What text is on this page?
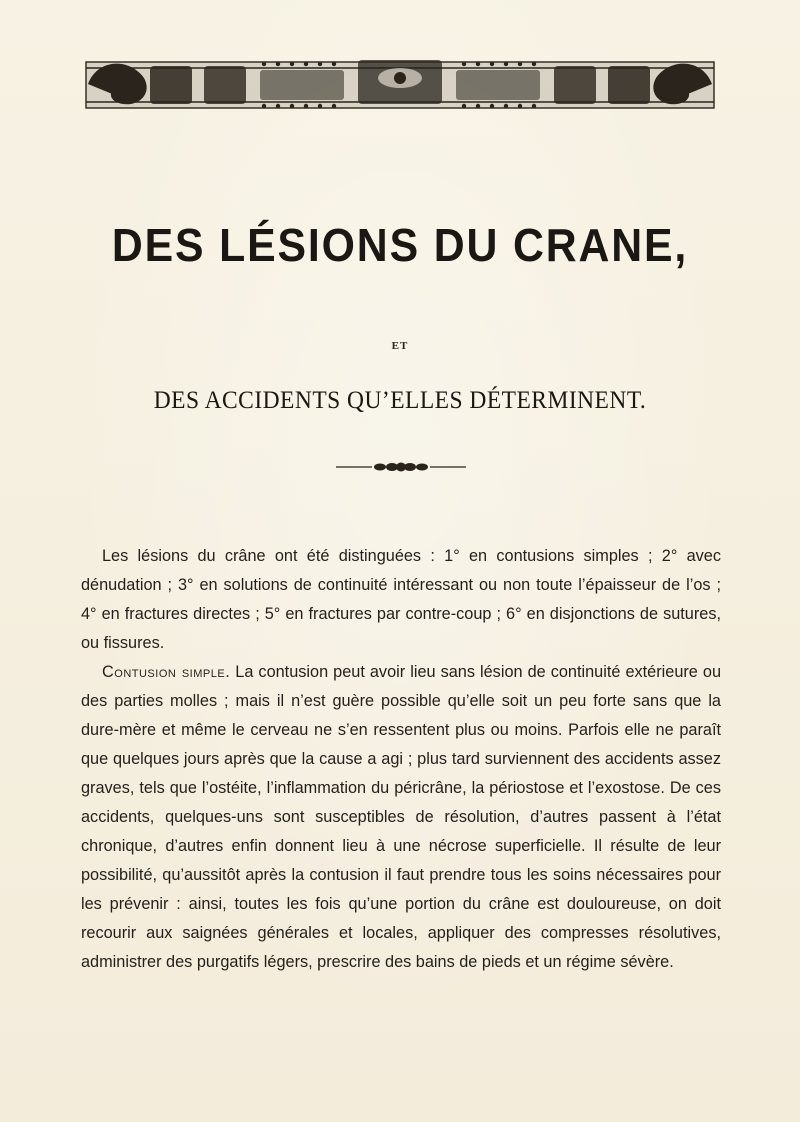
DES LÉSIONS DU CRANE,
ET
DES ACCIDENTS QU’ELLES DÉTERMINENT.

Les lésions du crâne ont été distinguées : 1° en contusions simples ; 2° avec dénudation ; 3° en solutions de continuité intéressant ou non toute l’épaisseur de l’os ; 4° en fractures directes ; 5° en fractures par contre-coup ; 6° en disjonctions de sutures, ou fissures.

Contusion simple. La contusion peut avoir lieu sans lésion de continuité extérieure ou des parties molles ; mais il n’est guère possible qu’elle soit un peu forte sans que la dure-mère et même le cerveau ne s’en ressentent plus ou moins. Parfois elle ne paraît que quelques jours après que la cause a agi ; plus tard surviennent des accidents assez graves, tels que l’ostéite, l’inflammation du péricrâne, la périostose et l’exostose. De ces accidents, quelques-uns sont susceptibles de résolution, d’autres passent à l’état chronique, d’autres enfin donnent lieu à une nécrose superficielle. Il résulte de leur possibilité, qu’aussitôt après la contusion il faut prendre tous les soins nécessaires pour les prévenir : ainsi, toutes les fois qu’une portion du crâne est douloureuse, on doit recourir aux saignées générales et locales, appliquer des compresses résolutives, administrer des purgatifs légers, prescrire des bains de pieds et un régime sévère.
